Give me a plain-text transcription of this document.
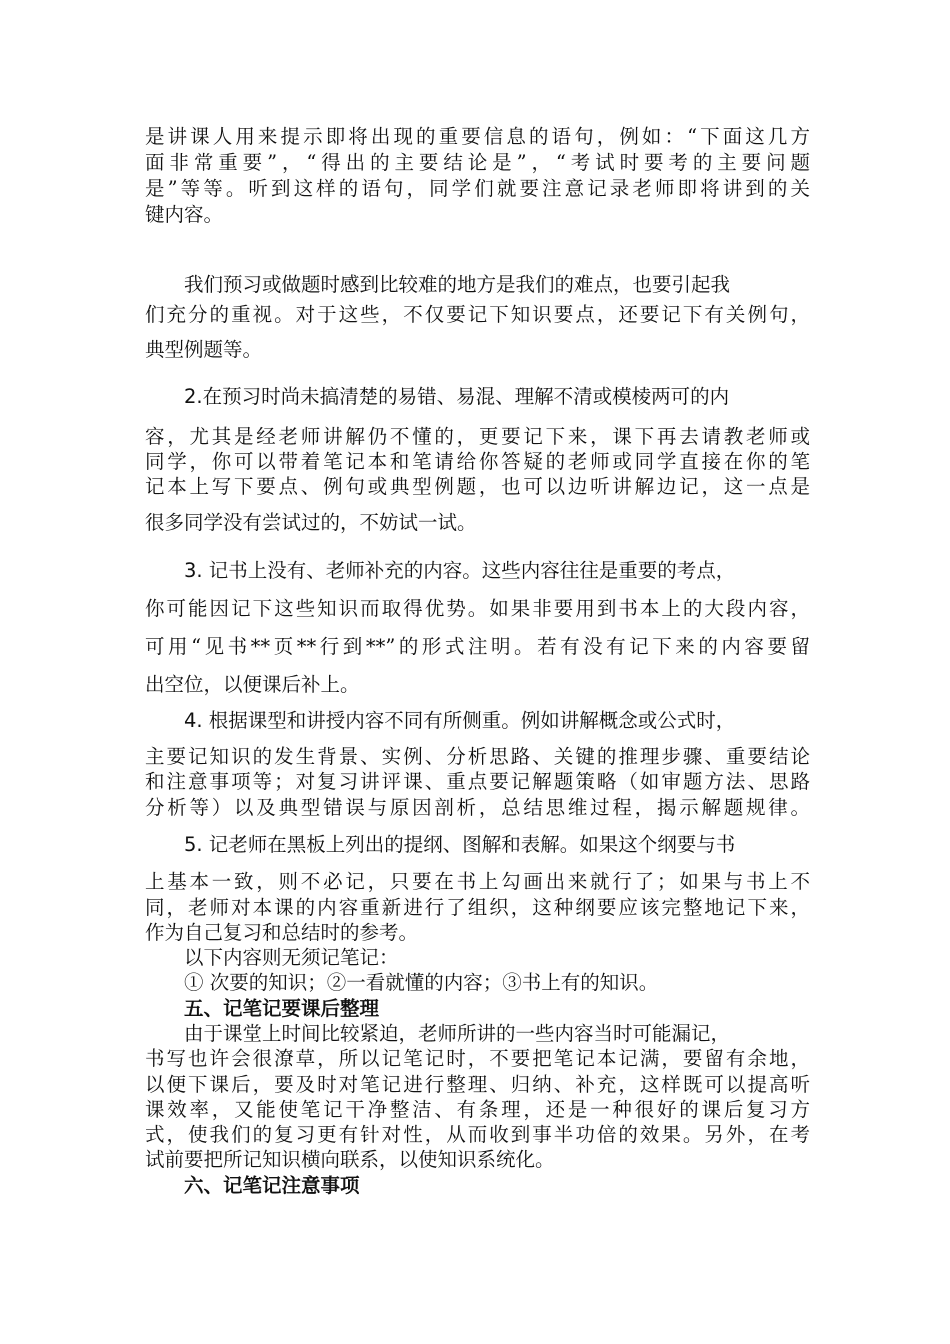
是讲课人用来提示即将出现的重要信息的语句，例如：“下面这几方
面非常重要”，“得出的主要结论是”，“考试时要考的主要问题
是”等等。听到这样的语句，同学们就要注意记录老师即将讲到的关
键内容。
我们预习或做题时感到比较难的地方是我们的难点，也要引起我
们充分的重视。对于这些，不仅要记下知识要点，还要记下有关例句，
典型例题等。
2.在预习时尚未搞清楚的易错、易混、理解不清或模棱两可的内
容，尤其是经老师讲解仍不懂的，更要记下来，课下再去请教老师或
同学，你可以带着笔记本和笔请给你答疑的老师或同学直接在你的笔
记本上写下要点、例句或典型例题，也可以边听讲解边记，这一点是
很多同学没有尝试过的，不妨试一试。
3. 记书上没有、老师补充的内容。这些内容往往是重要的考点，
你可能因记下这些知识而取得优势。如果非要用到书本上的大段内容，
可用“见书**页**行到**”的形式注明。若有没有记下来的内容要留
出空位，以便课后补上。
4. 根据课型和讲授内容不同有所侧重。例如讲解概念或公式时，
主要记知识的发生背景、实例、分析思路、关键的推理步骤、重要结论
和注意事项等；对复习讲评课、重点要记解题策略（如审题方法、思路
分析等）以及典型错误与原因剖析，总结思维过程，揭示解题规律。
5. 记老师在黑板上列出的提纲、图解和表解。如果这个纲要与书
上基本一致，则不必记，只要在书上勾画出来就行了；如果与书上不
同，老师对本课的内容重新进行了组织，这种纲要应该完整地记下来，
作为自己复习和总结时的参考。
以下内容则无须记笔记：
① 次要的知识；②一看就懂的内容；③书上有的知识。
五、记笔记要课后整理
由于课堂上时间比较紧迫，老师所讲的一些内容当时可能漏记，
书写也许会很潦草，所以记笔记时，不要把笔记本记满，要留有余地，
以便下课后，要及时对笔记进行整理、归纳、补充，这样既可以提高听
课效率，又能使笔记干净整洁、有条理，还是一种很好的课后复习方
式，使我们的复习更有针对性，从而收到事半功倍的效果。另外，在考
试前要把所记知识横向联系，以使知识系统化。
六、记笔记注意事项
